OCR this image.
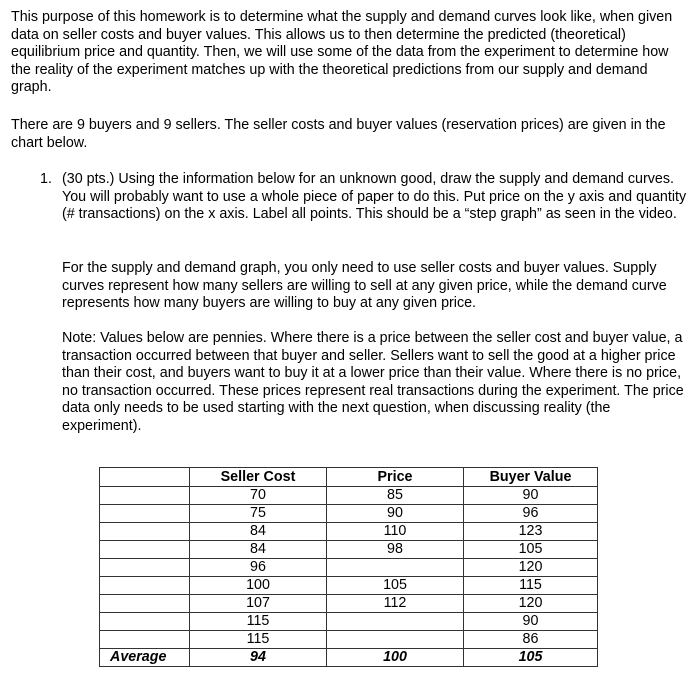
This purpose of this homework is to determine what the supply and demand curves look like, when given data on seller costs and buyer values. This allows us to then determine the predicted (theoretical) equilibrium price and quantity. Then, we will use some of the data from the experiment to determine how the reality of the experiment matches up with the theoretical predictions from our supply and demand graph.

There are 9 buyers and 9 sellers. The seller costs and buyer values (reservation prices) are given in the chart below.

1. (30 pts.) Using the information below for an unknown good, draw the supply and demand curves. You will probably want to use a whole piece of paper to do this. Put price on the y axis and quantity (# transactions) on the x axis. Label all points. This should be a “step graph” as seen in the video.

For the supply and demand graph, you only need to use seller costs and buyer values. Supply curves represent how many sellers are willing to sell at any given price, while the demand curve represents how many buyers are willing to buy at any given price.

Note: Values below are pennies. Where there is a price between the seller cost and buyer value, a transaction occurred between that buyer and seller. Sellers want to sell the good at a higher price than their cost, and buyers want to buy it at a lower price than their value. Where there is no price, no transaction occurred. These prices represent real transactions during the experiment. The price data only needs to be used starting with the next question, when discussing reality (the experiment).

	Seller Cost	Price	Buyer Value
	70	85	90
	75	90	96
	84	110	123
	84	98	105
	96		120
	100	105	115
	107	112	120
	115		90
	115		86
Average	94	100	105
